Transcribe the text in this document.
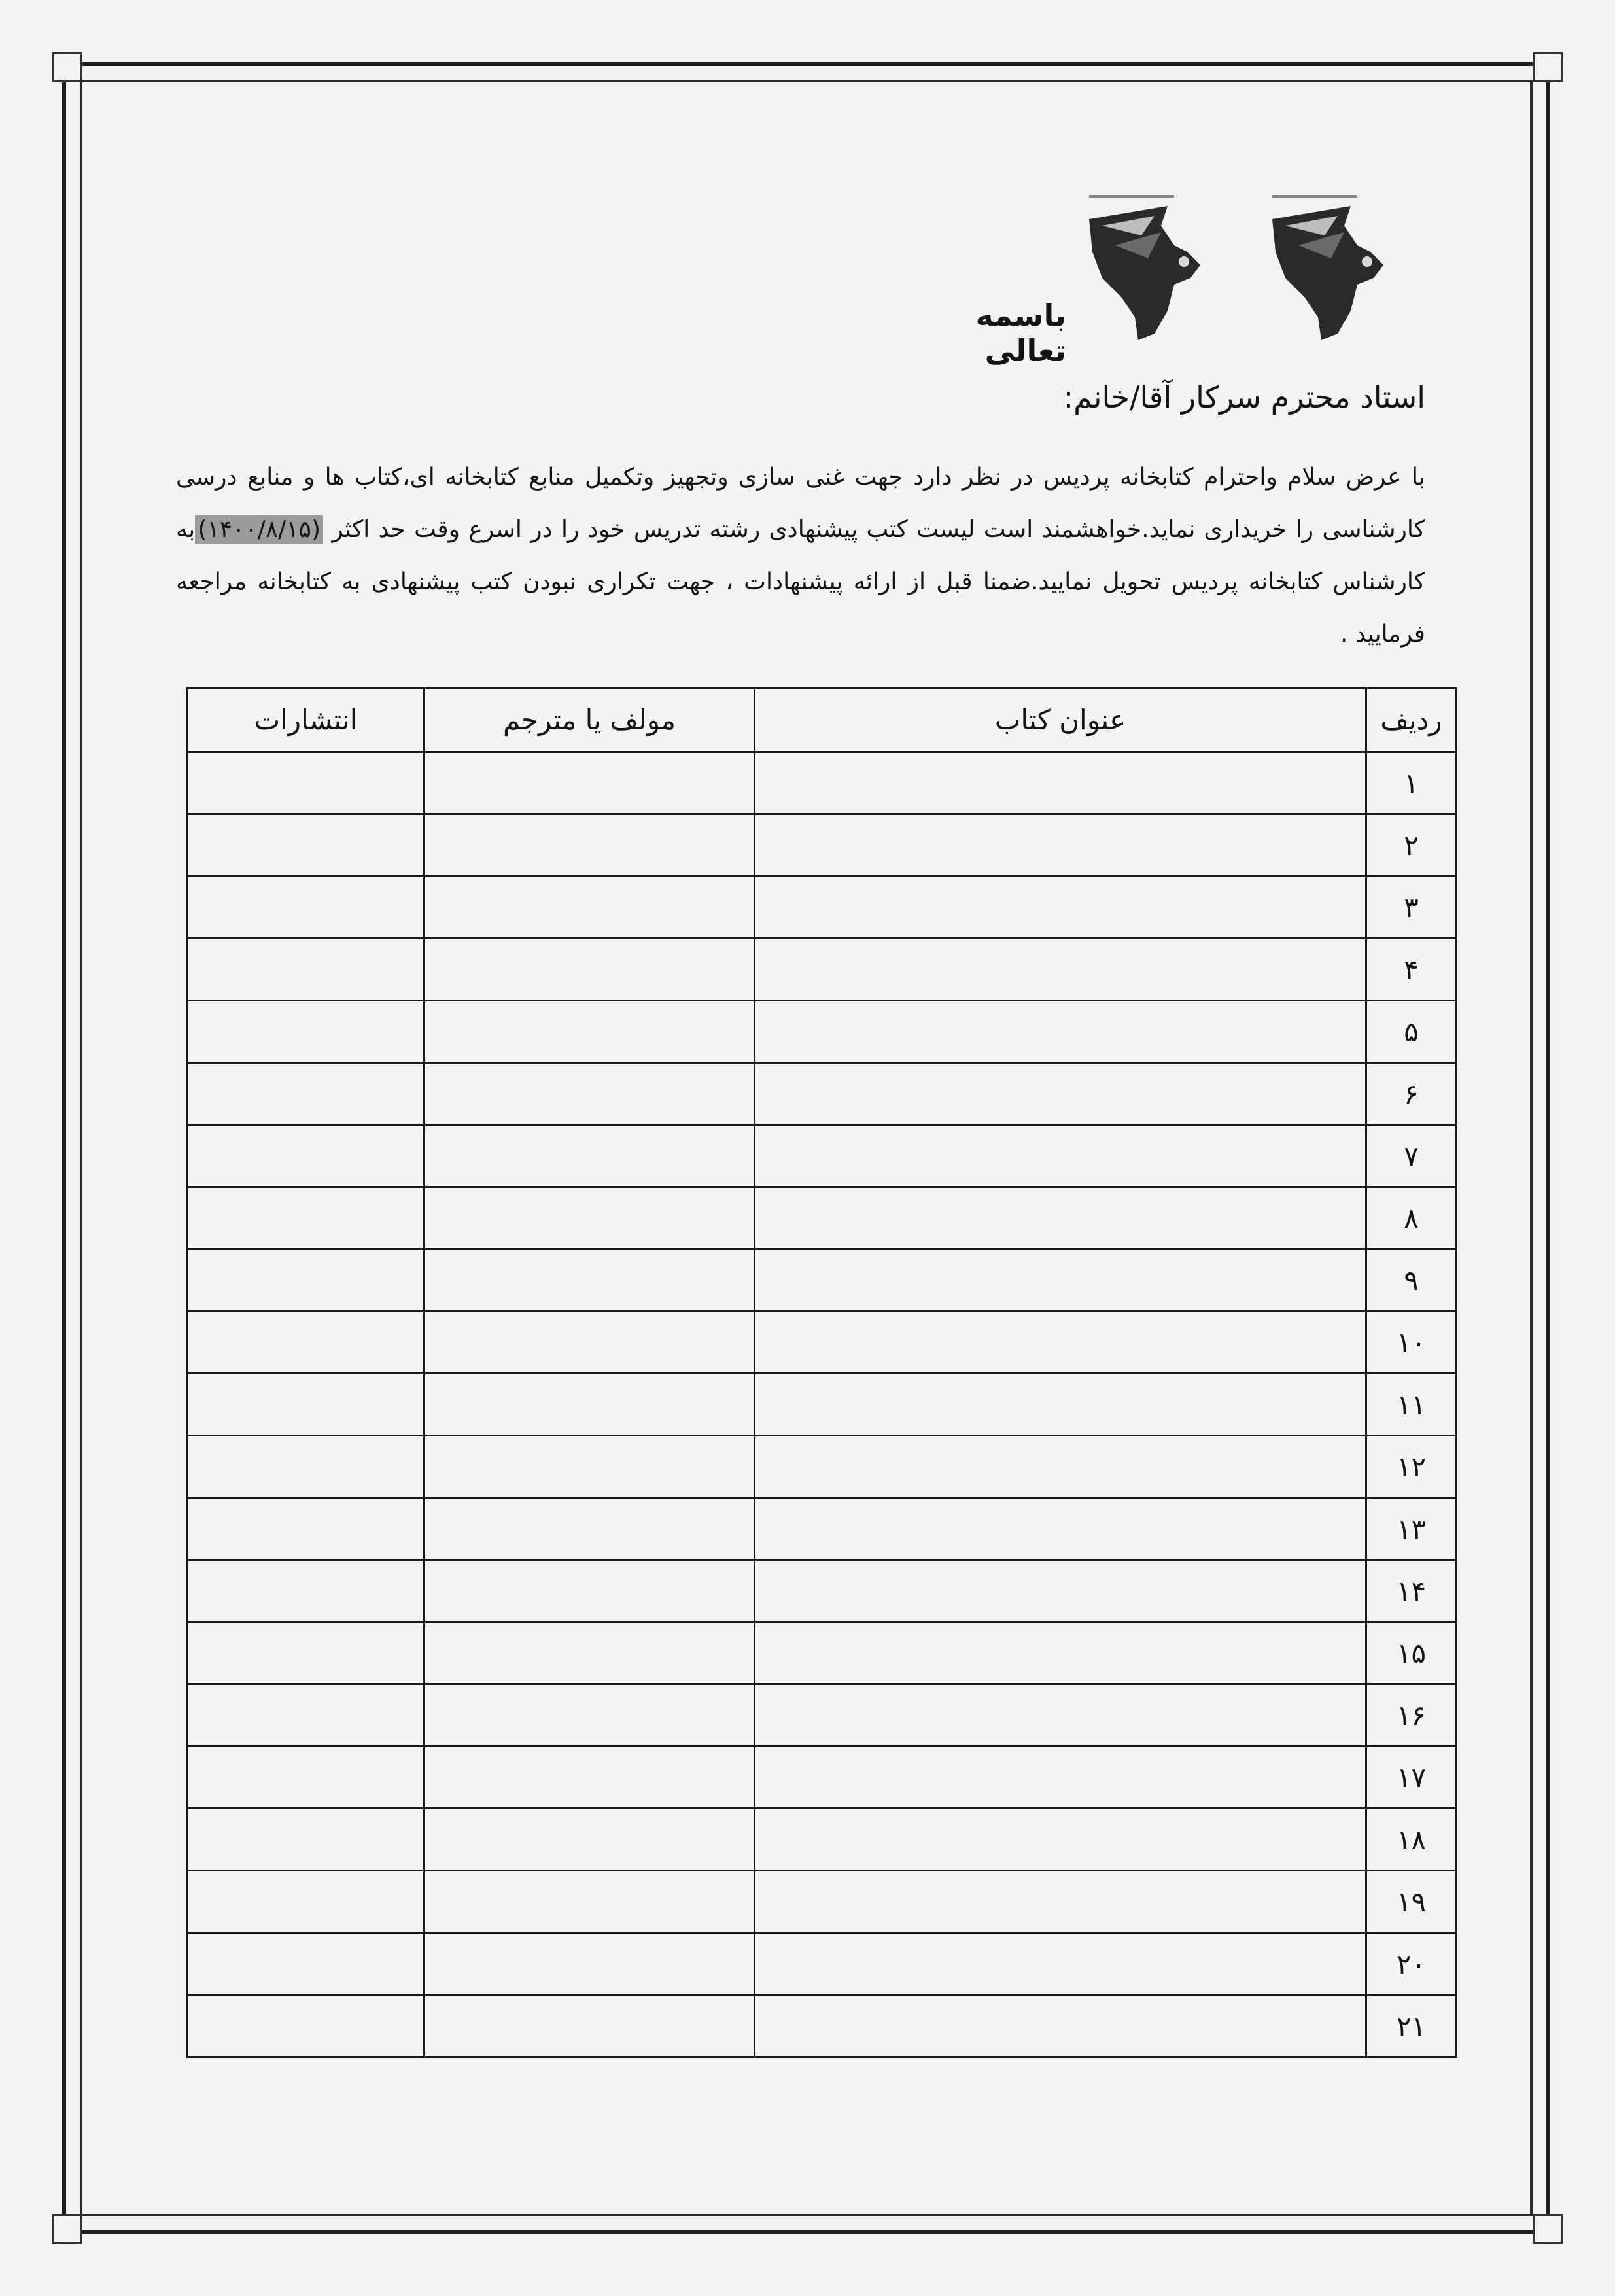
باسمه تعالی
استاد محترم سرکار آقا/خانم:
با عرض سلام واحترام کتابخانه پردیس در نظر دارد جهت غنی سازی وتجهیز وتکمیل منابع کتابخانه ای،کتاب ها و منابع درسی کارشناسی را خریداری نماید.خواهشمند است لیست کتب پیشنهادی رشته تدریس خود را در اسرع وقت حد اکثر (۱۴۰۰/۸/۱۵)به کارشناس کتابخانه پردیس تحویل نمایید.ضمنا قبل از ارائه پیشنهادات ، جهت تکراری نبودن کتب پیشنهادی به کتابخانه مراجعه فرمایید .
ردیف	عنوان کتاب	مولف یا مترجم	انتشارات
۱			
۲			
۳			
۴			
۵			
۶			
۷			
۸			
۹			
۱۰			
۱۱			
۱۲			
۱۳			
۱۴			
۱۵			
۱۶			
۱۷			
۱۸			
۱۹			
۲۰			
۲۱			
